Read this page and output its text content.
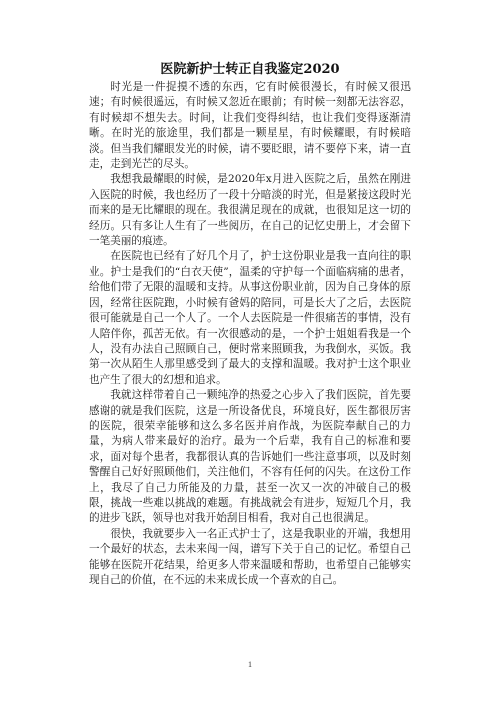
医院新护士转正自我鉴定2020

时光是一件捉摸不透的东西，它有时候很漫长，有时候又很迅速；有时候很遥远，有时候又忽近在眼前；有时候一刻都无法容忍，有时候却不想失去。时间，让我们变得纠结，也让我们变得逐渐清晰。在时光的旅途里，我们都是一颗星星，有时候耀眼，有时候暗淡。但当我们耀眼发光的时候，请不要眨眼，请不要停下来，请一直走，走到光芒的尽头。

我想我最耀眼的时候，是2020年x月进入医院之后，虽然在刚进入医院的时候，我也经历了一段十分暗淡的时光，但是紧接这段时光而来的是无比耀眼的现在。我很满足现在的成就，也很知足这一切的经历。只有多让人生有了一些阅历，在自己的记忆史册上，才会留下一笔美丽的痕迹。

在医院也已经有了好几个月了，护士这份职业是我一直向往的职业。护士是我们的“白衣天使”，温柔的守护每一个面临病痛的患者，给他们带了无限的温暖和支持。从事这份职业前，因为自己身体的原因，经常往医院跑，小时候有爸妈的陪同，可是长大了之后，去医院很可能就是自己一个人了。一个人去医院是一件很痛苦的事情，没有人陪伴你，孤苦无依。有一次很感动的是，一个护士姐姐看我是一个人，没有办法自己照顾自己，便时常来照顾我，为我倒水，买饭。我第一次从陌生人那里感受到了最大的支撑和温暖。我对护士这个职业也产生了很大的幻想和追求。

我就这样带着自己一颗纯净的热爱之心步入了我们医院，首先要感谢的就是我们医院，这是一所设备优良，环境良好，医生都很厉害的医院，很荣幸能够和这么多名医并肩作战，为医院奉献自己的力量，为病人带来最好的治疗。最为一个后辈，我有自己的标准和要求，面对每个患者，我都很认真的告诉她们一些注意事项，以及时刻警醒自己好好照顾他们，关注他们，不容有任何的闪失。在这份工作上，我尽了自己力所能及的力量，甚至一次又一次的冲破自己的极限，挑战一些难以挑战的难题。有挑战就会有进步，短短几个月，我的进步飞跃，领导也对我开始刮目相看，我对自己也很满足。

很快，我就要步入一名正式护士了，这是我职业的开端，我想用一个最好的状态，去未来闯一闯，谱写下关于自己的记忆。希望自己能够在医院开花结果，给更多人带来温暖和帮助，也希望自己能够实现自己的价值，在不远的未来成长成一个喜欢的自己。

1
